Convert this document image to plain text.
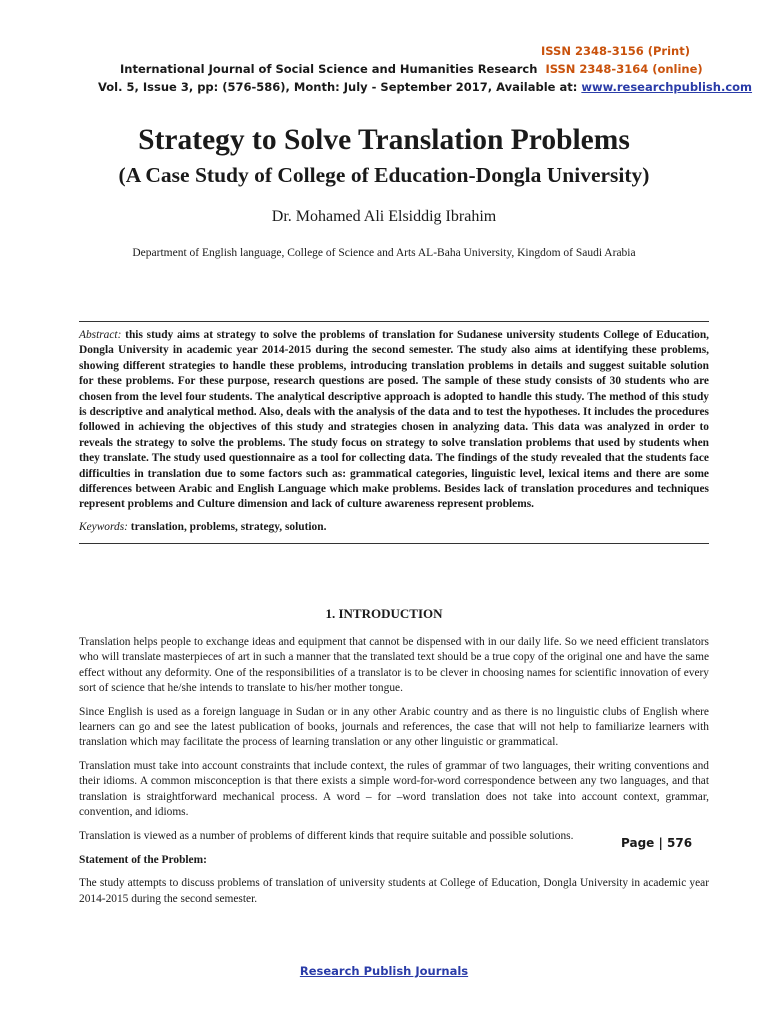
ISSN 2348-3156 (Print)
International Journal of Social Science and Humanities Research ISSN 2348-3164 (online)
Vol. 5, Issue 3, pp: (576-586), Month: July - September 2017, Available at: www.researchpublish.com
Strategy to Solve Translation Problems
(A Case Study of College of Education-Dongla University)
Dr. Mohamed Ali Elsiddig Ibrahim
Department of English language, College of Science and Arts AL-Baha University, Kingdom of Saudi Arabia

Abstract: this study aims at strategy to solve the problems of translation for Sudanese university students College of Education, Dongla University in academic year 2014-2015 during the second semester. The study also aims at identifying these problems, showing different strategies to handle these problems, introducing translation problems in details and suggest suitable solution for these problems. For these purpose, research questions are posed. The sample of these study consists of 30 students who are chosen from the level four students. The analytical descriptive approach is adopted to handle this study. The method of this study is descriptive and analytical method. Also, deals with the analysis of the data and to test the hypotheses. It includes the procedures followed in achieving the objectives of this study and strategies chosen in analyzing data. This data was analyzed in order to reveals the strategy to solve the problems. The study focus on strategy to solve translation problems that used by students when they translate. The study used questionnaire as a tool for collecting data. The findings of the study revealed that the students face difficulties in translation due to some factors such as: grammatical categories, linguistic level, lexical items and there are some differences between Arabic and English Language which make problems. Besides lack of translation procedures and techniques represent problems and Culture dimension and lack of culture awareness represent problems.

Keywords: translation, problems, strategy, solution.

1. INTRODUCTION

Translation helps people to exchange ideas and equipment that cannot be dispensed with in our daily life. So we need efficient translators who will translate masterpieces of art in such a manner that the translated text should be a true copy of the original one and have the same effect without any deformity. One of the responsibilities of a translator is to be clever in choosing names for scientific innovation of every sort of science that he/she intends to translate to his/her mother tongue.

Since English is used as a foreign language in Sudan or in any other Arabic country and as there is no linguistic clubs of English where learners can go and see the latest publication of books, journals and references, the case that will not help to familiarize learners with translation which may facilitate the process of learning translation or any other linguistic or grammatical.

Translation must take into account constraints that include context, the rules of grammar of two languages, their writing conventions and their idioms. A common misconception is that there exists a simple word-for-word correspondence between any two languages, and that translation is straightforward mechanical process. A word – for –word translation does not take into account context, grammar, convention, and idioms.

Translation is viewed as a number of problems of different kinds that require suitable and possible solutions.

Statement of the Problem:

The study attempts to discuss problems of translation of university students at College of Education, Dongla University in academic year 2014-2015 during the second semester.

Page | 576
Research Publish Journals
